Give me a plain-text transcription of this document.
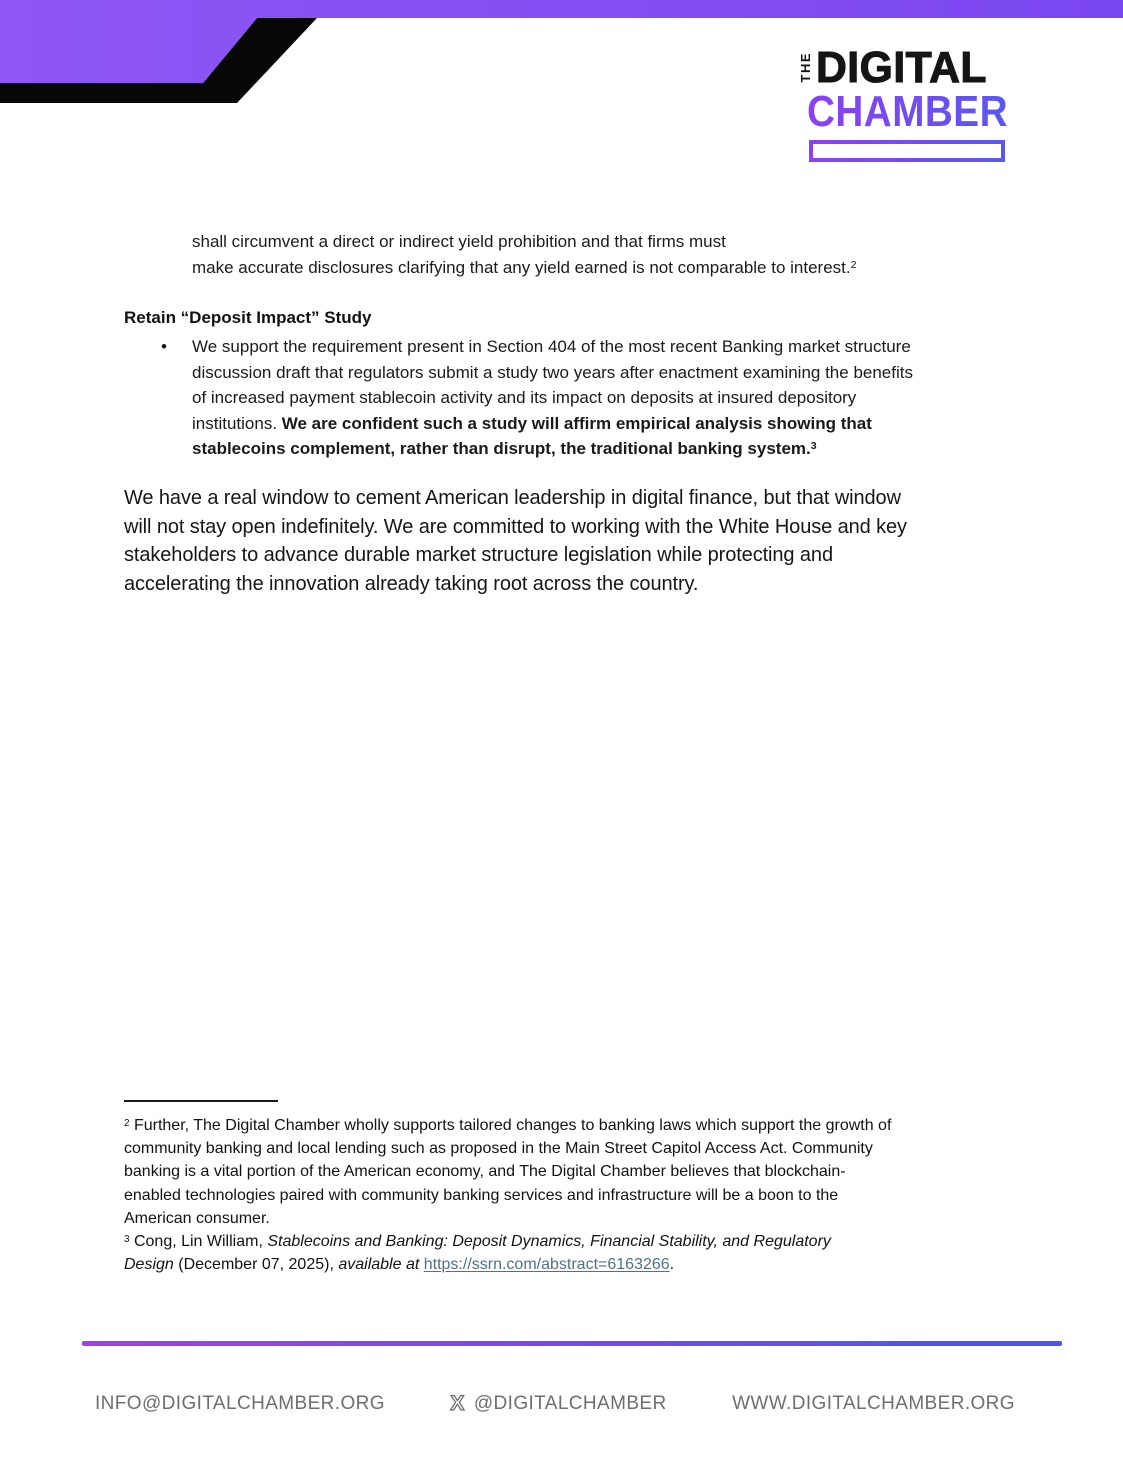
THE DIGITAL
CHAMBER
shall circumvent a direct or indirect yield prohibition and that firms must
make accurate disclosures clarifying that any yield earned is not comparable to interest.$^2$
Retain “Deposit Impact” Study
• We support the requirement present in Section 404 of the most recent Banking market structure
discussion draft that regulators submit a study two years after enactment examining the benefits
of increased payment stablecoin activity and its impact on deposits at insured depository
institutions. We are confident such a study will affirm empirical analysis showing that
stablecoins complement, rather than disrupt, the traditional banking system.$^3$
We have a real window to cement American leadership in digital finance, but that window
will not stay open indefinitely. We are committed to working with the White House and key
stakeholders to advance durable market structure legislation while protecting and
accelerating the innovation already taking root across the country.
$^2$ Further, The Digital Chamber wholly supports tailored changes to banking laws which support the growth of
community banking and local lending such as proposed in the Main Street Capitol Access Act. Community
banking is a vital portion of the American economy, and The Digital Chamber believes that blockchain-
enabled technologies paired with community banking services and infrastructure will be a boon to the
American consumer.
$^3$ Cong, Lin William, Stablecoins and Banking: Deposit Dynamics, Financial Stability, and Regulatory
Design (December 07, 2025), available at https://ssrn.com/abstract=6163266.
INFO@DIGITALCHAMBER.ORG	X @DIGITALCHAMBER	WWW.DIGITALCHAMBER.ORG
